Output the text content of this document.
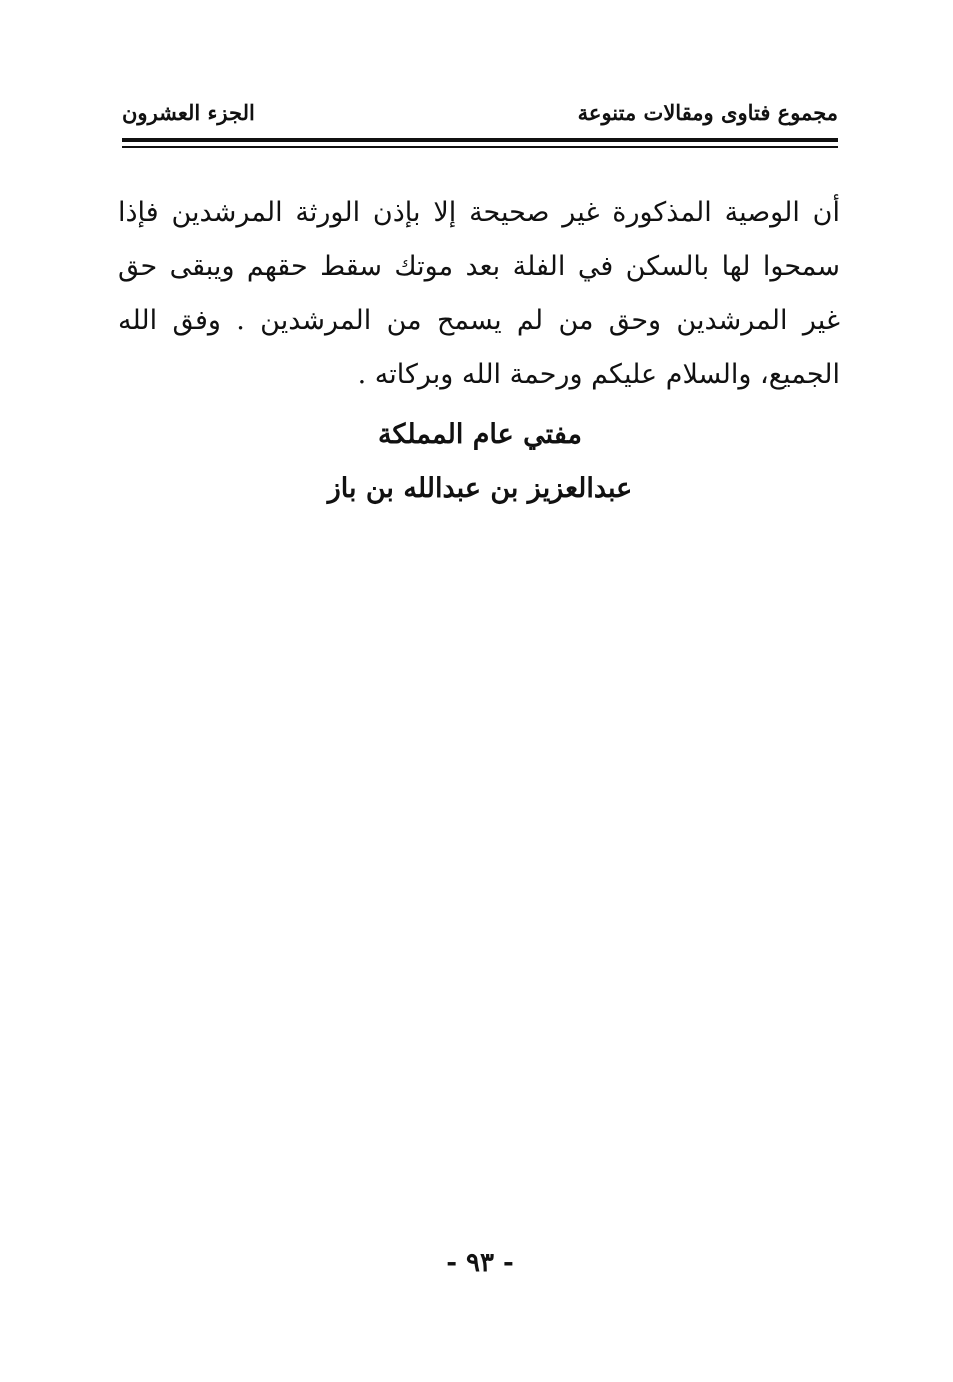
مجموع فتاوى ومقالات متنوعة
الجزء العشرون

أن الوصية المذكورة غير صحيحة إلا بإذن الورثة المرشدين فإذا سمحوا لها بالسكن في الفلة بعد موتك سقط حقهم ويبقى حق غير المرشدين وحق من لم يسمح من المرشدين . وفق الله الجميع، والسلام عليكم ورحمة الله وبركاته .

مفتي عام المملكة
عبدالعزيز بن عبدالله بن باز
- ٩٣ -
